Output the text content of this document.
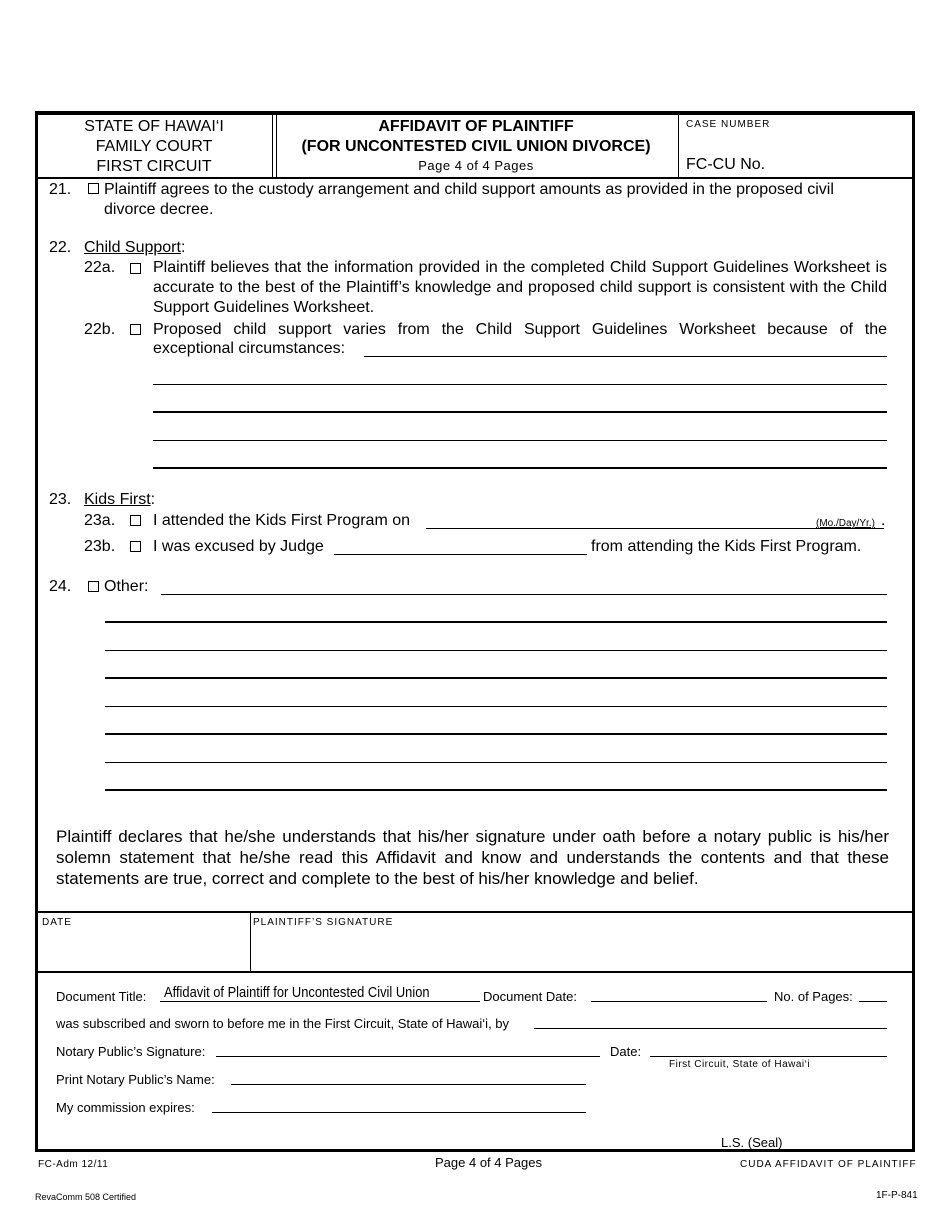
STATE OF HAWAI‘I
FAMILY COURT
FIRST CIRCUIT
AFFIDAVIT OF PLAINTIFF
(FOR UNCONTESTED CIVIL UNION DIVORCE)
Page 4 of 4 Pages
CASE NUMBER
FC-CU No.
21. Plaintiff agrees to the custody arrangement and child support amounts as provided in the proposed civil divorce decree.
22. Child Support:
22a. Plaintiff believes that the information provided in the completed Child Support Guidelines Worksheet is accurate to the best of the Plaintiff’s knowledge and proposed child support is consistent with the Child Support Guidelines Worksheet.
22b. Proposed child support varies from the Child Support Guidelines Worksheet because of the
exceptional circumstances:
23. Kids First:
23a. I attended the Kids First Program on	(Mo./Day/Yr.) .
23b. I was excused by Judge	from attending the Kids First Program.
24. Other:
Plaintiff declares that he/she understands that his/her signature under oath before a notary public is his/her solemn statement that he/she read this Affidavit and know and understands the contents and that these statements are true, correct and complete to the best of his/her knowledge and belief.
DATE	PLAINTIFF’S SIGNATURE
Document Title: Affidavit of Plaintiff for Uncontested Civil Union	Document Date:	No. of Pages:
was subscribed and sworn to before me in the First Circuit, State of Hawai‘i, by
Notary Public’s Signature:	Date:
First Circuit, State of Hawai‘i
Print Notary Public’s Name:
My commission expires:
L.S. (Seal)
FC-Adm 12/11	Page 4 of 4 Pages	CUDA AFFIDAVIT OF PLAINTIFF
RevaComm 508 Certified	1F-P-841
